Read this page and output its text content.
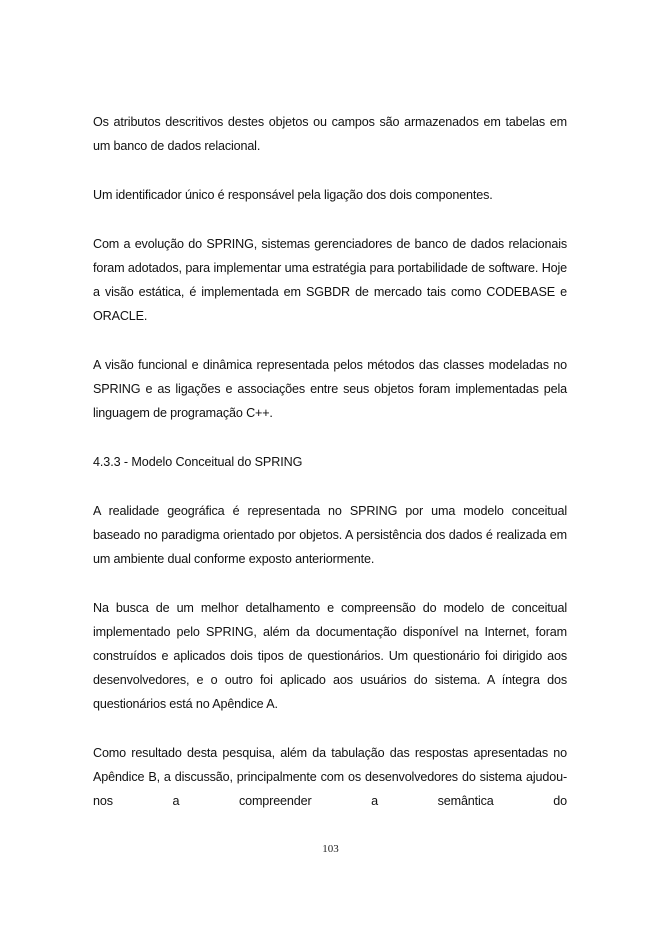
Os atributos descritivos destes objetos ou campos são armazenados em tabelas em um banco de dados relacional.

Um identificador único é responsável pela ligação dos dois componentes.

Com a evolução do SPRING, sistemas gerenciadores de banco de dados relacionais foram adotados, para implementar uma estratégia para portabilidade de software. Hoje a visão estática, é implementada em SGBDR de mercado tais como CODEBASE e ORACLE.

A visão funcional e dinâmica representada pelos métodos das classes modeladas no SPRING e as ligações e associações entre seus objetos foram implementadas pela linguagem de programação C++.

4.3.3 - Modelo Conceitual do SPRING

A realidade geográfica é representada no SPRING por uma modelo conceitual baseado no paradigma orientado por objetos. A persistência dos dados é realizada em um ambiente dual conforme exposto anteriormente.

Na busca de um melhor detalhamento e compreensão do modelo de conceitual implementado pelo SPRING, além da documentação disponível na Internet, foram construídos e aplicados dois tipos de questionários. Um questionário foi dirigido aos desenvolvedores, e o outro foi aplicado aos usuários do sistema. A íntegra dos questionários está no Apêndice A.

Como resultado desta pesquisa, além da tabulação das respostas apresentadas no Apêndice B, a discussão, principalmente com os desenvolvedores do sistema ajudou-nos a compreender a semântica do

103
